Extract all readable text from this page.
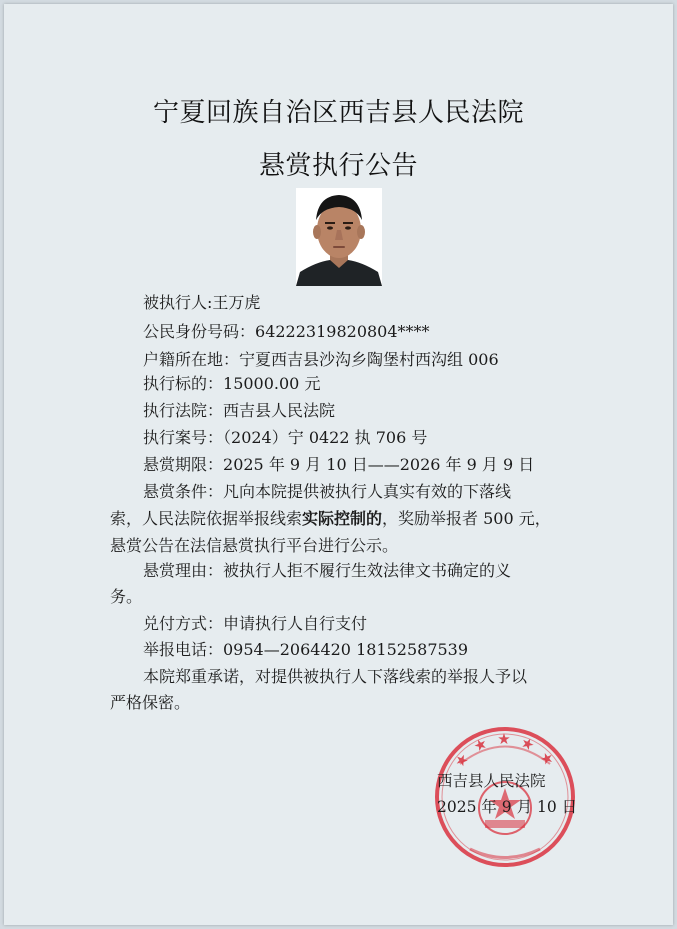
宁夏回族自治区西吉县人民法院
悬赏执行公告
被执行人:王万虎
公民身份号码：64222319820804****
户籍所在地：宁夏西吉县沙沟乡陶堡村西沟组 006
执行标的：15000.00 元
执行法院：西吉县人民法院
执行案号：（2024）宁 0422 执 706 号
悬赏期限：2025 年 9 月 10 日——2026 年 9 月 9 日
悬赏条件：凡向本院提供被执行人真实有效的下落线
索，人民法院依据举报线索实际控制的，奖励举报者 500 元，
悬赏公告在法信悬赏执行平台进行公示。
悬赏理由：被执行人拒不履行生效法律文书确定的义
务。
兑付方式：申请执行人自行支付
举报电话：0954—2064420 18152587539
本院郑重承诺，对提供被执行人下落线索的举报人予以
严格保密。
★ ★ ★ ★ ★
西吉县人民法院
2025 年 9 月 10 日
